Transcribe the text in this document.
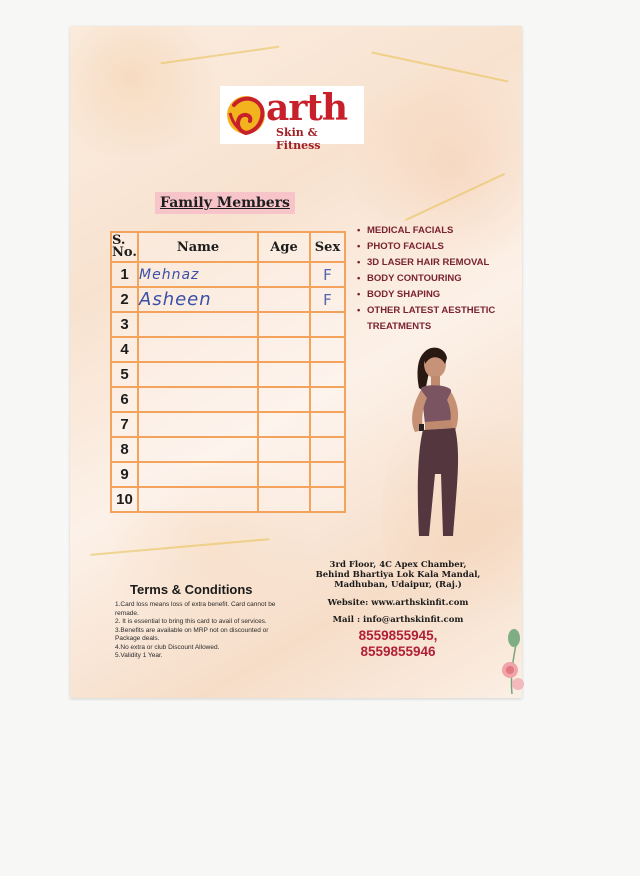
arth
Skin & Fitness
Family Members
S. No.	Name	Age	Sex
1	Mehnaz		F
2	Asheen		F
3			
4			
5			
6			
7			
8			
9			
10			
• MEDICAL FACIALS
• PHOTO FACIALS
• 3D LASER HAIR REMOVAL
• BODY CONTOURING
• BODY SHAPING
• OTHER LATEST AESTHETIC TREATMENTS
Terms & Conditions
1.Card loss means loss of extra benefit. Card cannot be remade.
2. It is essential to bring this card to avail of services.
3.Benefits are available on MRP not on discounted or Package deals.
4.No extra or club Discount Allowed.
5.Validity 1 Year.
3rd Floor, 4C Apex Chamber, Behind Bhartiya Lok Kala Mandal, Madhuban, Udaipur, (Raj.)
Website: www.arthskinfit.com
Mail : info@arthskinfit.com
8559855945,
8559855946
